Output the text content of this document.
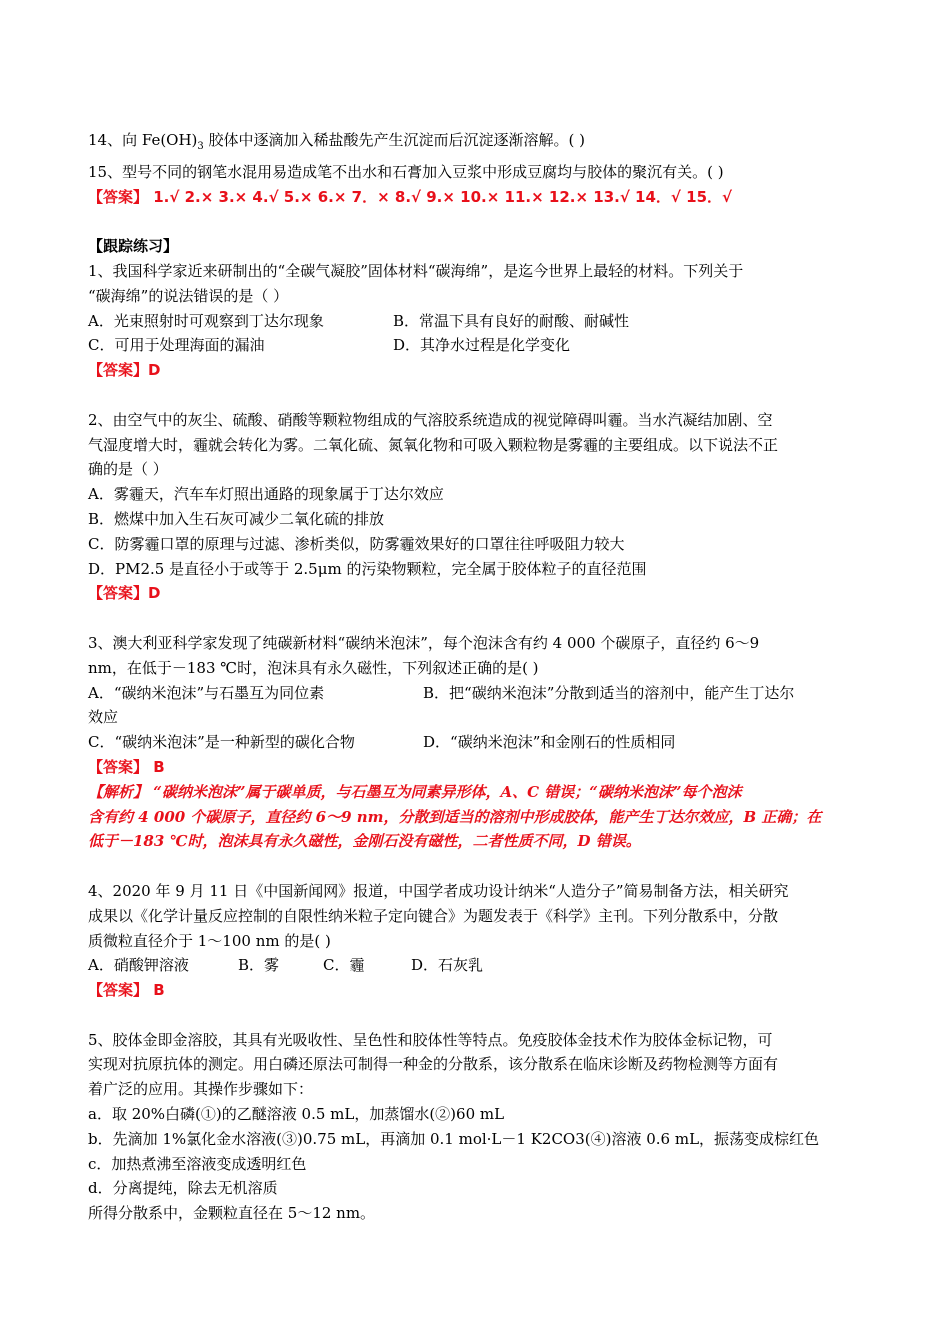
14、向 $Fe(OH)_3$ 胶体中逐滴加入稀盐酸先产生沉淀而后沉淀逐渐溶解。( )
15、型号不同的钢笔水混用易造成笔不出水和石膏加入豆浆中形成豆腐均与胶体的聚沉有关。( )
【答案】 1.√ 2.× 3.× 4.√ 5.× 6.× 7．× 8.√ 9.× 10.× 11.× 12.× 13.√ 14．√ 15．√
【跟踪练习】
1、我国科学家近来研制出的“全碳气凝胶”固体材料“碳海绵”，是迄今世界上最轻的材料。下列关于
“碳海绵”的说法错误的是（ ）
A．光束照射时可观察到丁达尔现象	B．常温下具有良好的耐酸、耐碱性
C．可用于处理海面的漏油	D．其净水过程是化学变化
【答案】D
2、由空气中的灰尘、硫酸、硝酸等颗粒物组成的气溶胶系统造成的视觉障碍叫霾。当水汽凝结加剧、空
气湿度增大时，霾就会转化为雾。二氧化硫、氮氧化物和可吸入颗粒物是雾霾的主要组成。以下说法不正
确的是（ ）
A．雾霾天，汽车车灯照出通路的现象属于丁达尔效应
B．燃煤中加入生石灰可减少二氧化硫的排放
C．防雾霾口罩的原理与过滤、渗析类似，防雾霾效果好的口罩往往呼吸阻力较大
D．PM2.5 是直径小于或等于 2.5μm 的污染物颗粒，完全属于胶体粒子的直径范围
【答案】D
3、澳大利亚科学家发现了纯碳新材料“碳纳米泡沫”，每个泡沫含有约 4 000 个碳原子，直径约 6～9
nm，在低于－183 ℃时，泡沫具有永久磁性，下列叙述正确的是( )
A．“碳纳米泡沫”与石墨互为同位素	B．把“碳纳米泡沫”分散到适当的溶剂中，能产生丁达尔
效应
C．“碳纳米泡沫”是一种新型的碳化合物	D．“碳纳米泡沫”和金刚石的性质相同
【答案】 B
【解析】 “碳纳米泡沫”属于碳单质，与石墨互为同素异形体，A、C 错误；“碳纳米泡沫”每个泡沫
含有约 4 000 个碳原子，直径约 6～9 nm，分散到适当的溶剂中形成胶体，能产生丁达尔效应，B 正确；在
低于－183 ℃时，泡沫具有永久磁性，金刚石没有磁性，二者性质不同，D 错误。
4、2020 年 9 月 11 日《中国新闻网》报道，中国学者成功设计纳米“人造分子”简易制备方法，相关研究
成果以《化学计量反应控制的自限性纳米粒子定向键合》为题发表于《科学》主刊。下列分散系中，分散
质微粒直径介于 1～100 nm 的是( )
A．硝酸钾溶液	B．雾	C．霾	D．石灰乳
【答案】 B
5、胶体金即金溶胶，其具有光吸收性、呈色性和胶体性等特点。免疫胶体金技术作为胶体金标记物，可
实现对抗原抗体的测定。用白磷还原法可制得一种金的分散系，该分散系在临床诊断及药物检测等方面有
着广泛的应用。其操作步骤如下：
a．取 20%白磷(①)的乙醚溶液 0.5 mL，加蒸馏水(②)60 mL
b．先滴加 1%氯化金水溶液(③)0.75 mL，再滴加 0.1 mol·L－1 K2CO3(④)溶液 0.6 mL，振荡变成棕红色
c．加热煮沸至溶液变成透明红色
d．分离提纯，除去无机溶质
所得分散系中，金颗粒直径在 5～12 nm。
